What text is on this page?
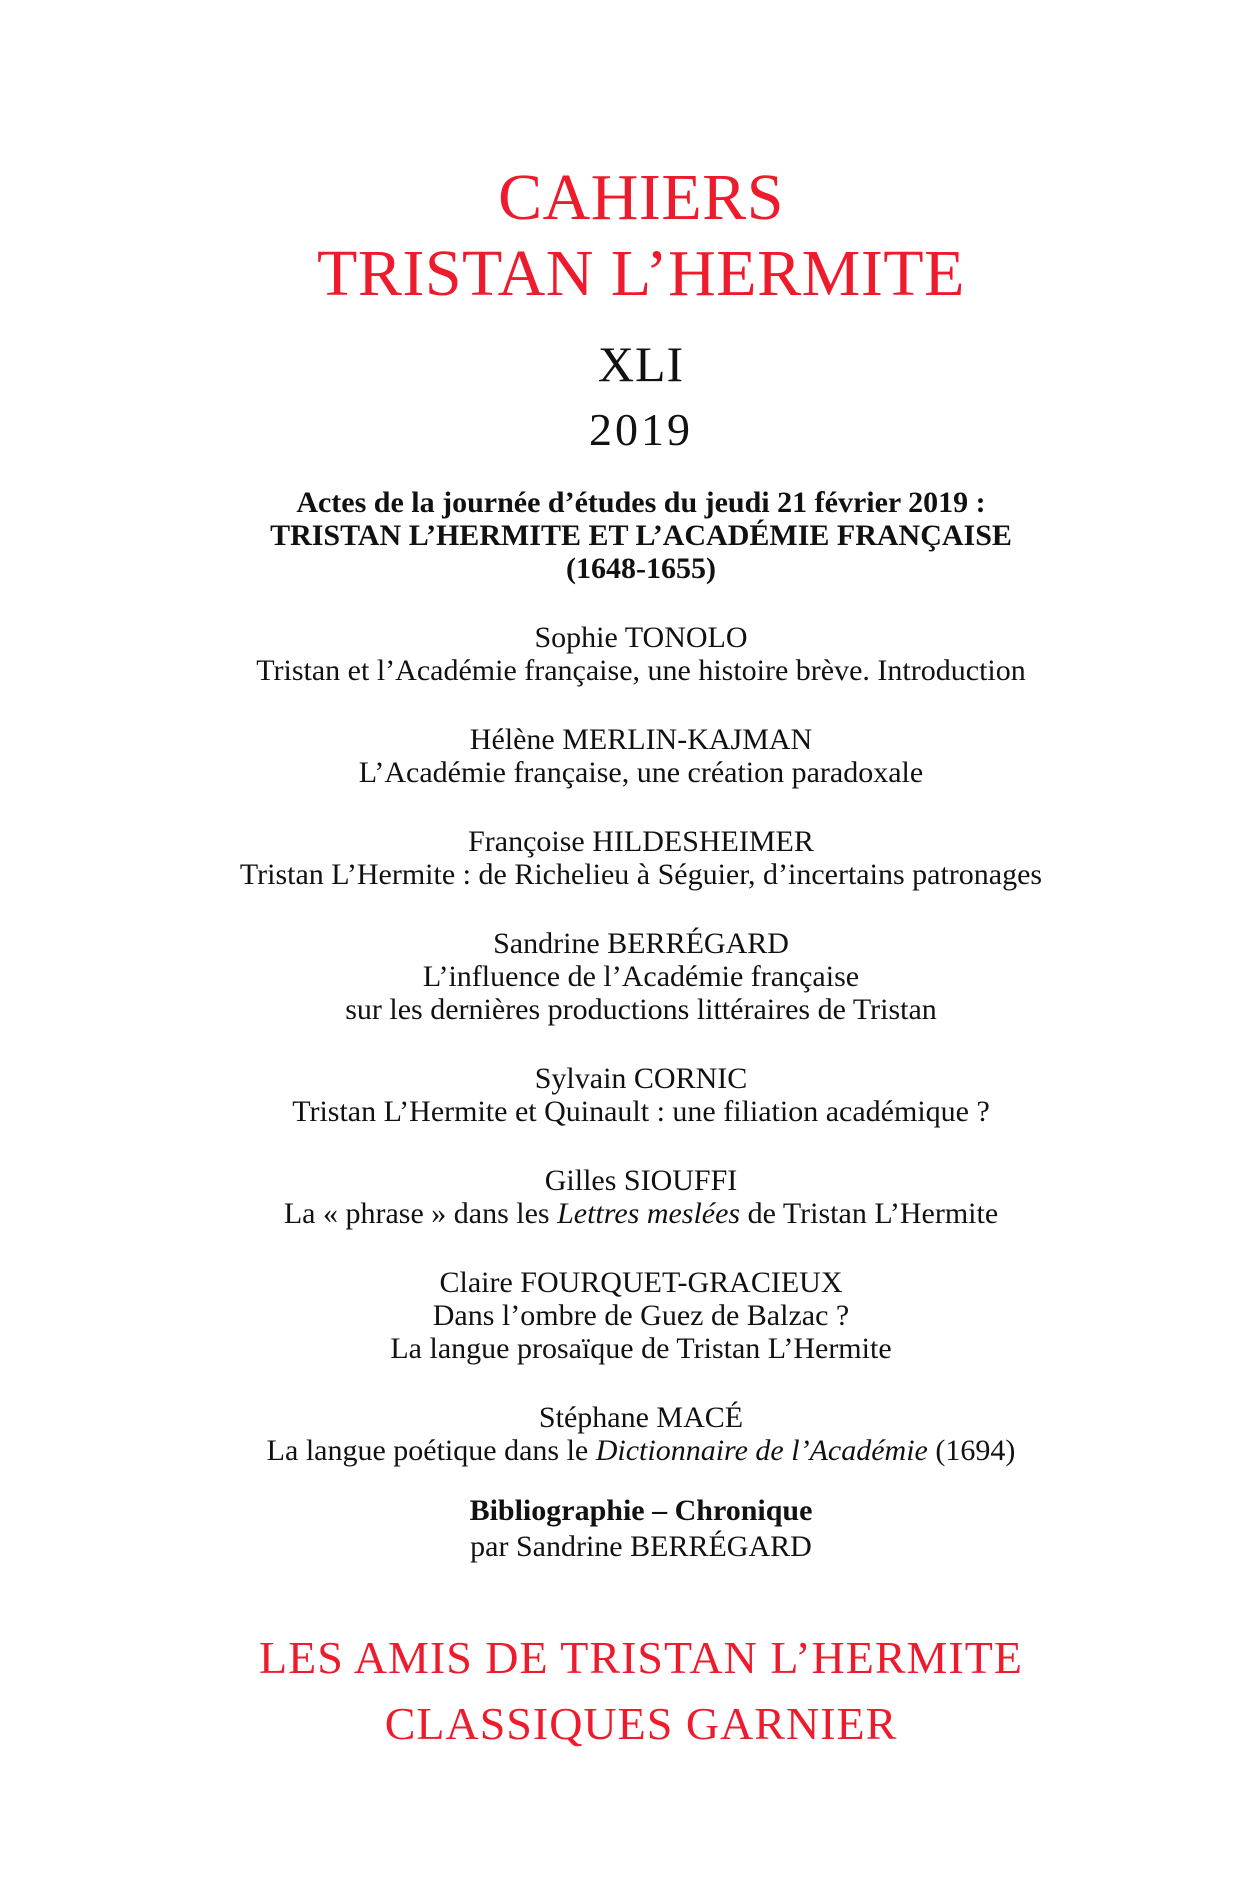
CAHIERS
TRISTAN L’HERMITE
XLI
2019
Actes de la journée d’études du jeudi 21 février 2019 :
TRISTAN L’HERMITE ET L’ACADÉMIE FRANÇAISE
(1648-1655)
Sophie TONOLO
Tristan et l’Académie française, une histoire brève. Introduction
Hélène MERLIN-KAJMAN
L’Académie française, une création paradoxale
Françoise HILDESHEIMER
Tristan L’Hermite : de Richelieu à Séguier, d’incertains patronages
Sandrine BERRÉGARD
L’influence de l’Académie française
sur les dernières productions littéraires de Tristan
Sylvain CORNIC
Tristan L’Hermite et Quinault : une filiation académique ?
Gilles SIOUFFI
La « phrase » dans les Lettres meslées de Tristan L’Hermite
Claire FOURQUET-GRACIEUX
Dans l’ombre de Guez de Balzac ?
La langue prosaïque de Tristan L’Hermite
Stéphane MACÉ
La langue poétique dans le Dictionnaire de l’Académie (1694)
Bibliographie – Chronique
par Sandrine BERRÉGARD
LES AMIS DE TRISTAN L’HERMITE
CLASSIQUES GARNIER
